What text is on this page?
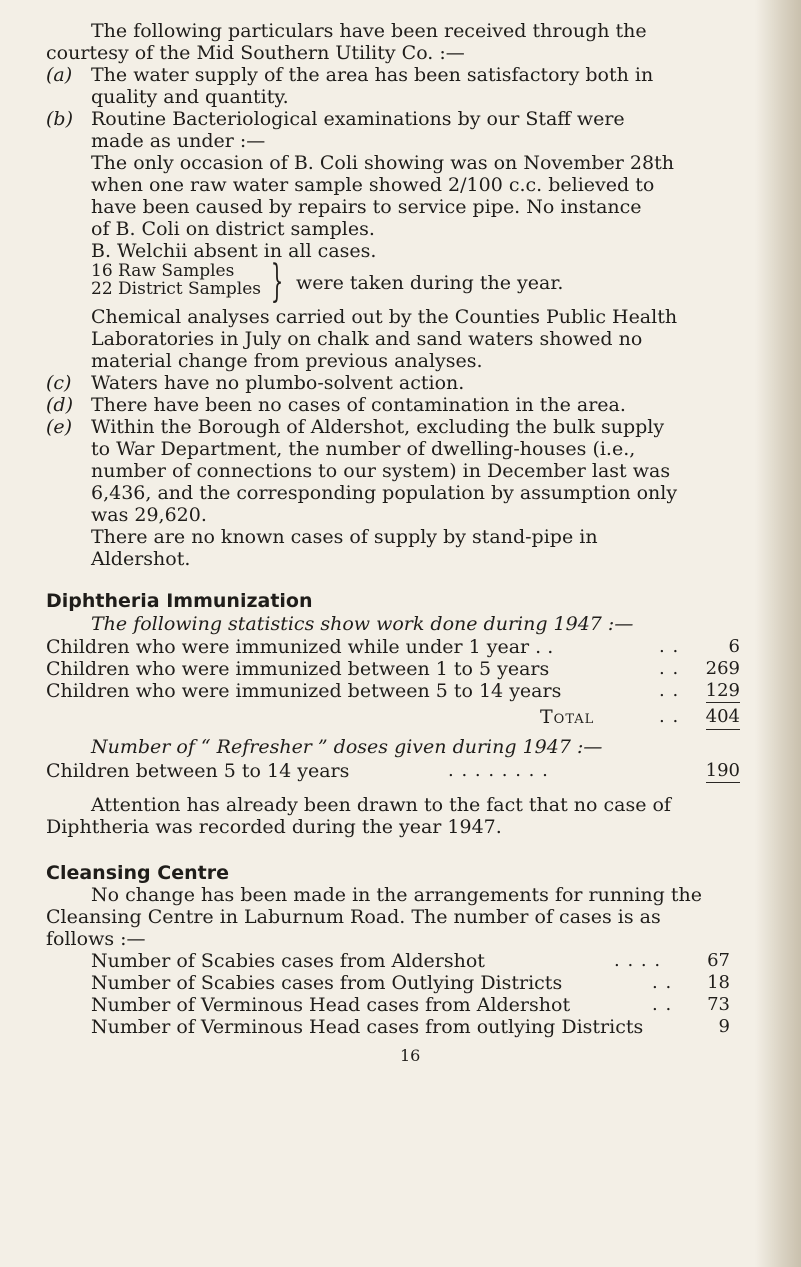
The following particulars have been received through the
courtesy of the Mid Southern Utility Co. :—
(a) The water supply of the area has been satisfactory both in
quality and quantity.
(b) Routine Bacteriological examinations by our Staff were
made as under :—
The only occasion of B. Coli showing was on November 28th
when one raw water sample showed 2/100 c.c. believed to
have been caused by repairs to service pipe. No instance
of B. Coli on district samples.
B. Welchii absent in all cases.
16 Raw Samples
22 District Samples } were taken during the year.
Chemical analyses carried out by the Counties Public Health
Laboratories in July on chalk and sand waters showed no
material change from previous analyses.
(c) Waters have no plumbo-solvent action.
(d) There have been no cases of contamination in the area.
(e) Within the Borough of Aldershot, excluding the bulk supply
to War Department, the number of dwelling-houses (i.e.,
number of connections to our system) in December last was
6,436, and the corresponding population by assumption only
was 29,620.
There are no known cases of supply by stand-pipe in
Aldershot.
Diphtheria Immunization
The following statistics show work done during 1947 :—
Children who were immunized while under 1 year . .	. .	6
Children who were immunized between 1 to 5 years	. .	269
Children who were immunized between 5 to 14 years	. .	129
Total	. .	404
Number of “ Refresher ” doses given during 1947 :—
Children between 5 to 14 years	. . . . . . . .	190
Attention has already been drawn to the fact that no case of
Diphtheria was recorded during the year 1947.
Cleansing Centre
No change has been made in the arrangements for running the
Cleansing Centre in Laburnum Road. The number of cases is as
follows :—
Number of Scabies cases from Aldershot	. . . .	67
Number of Scabies cases from Outlying Districts	. .	18
Number of Verminous Head cases from Aldershot	. .	73
Number of Verminous Head cases from outlying Districts	9
16
